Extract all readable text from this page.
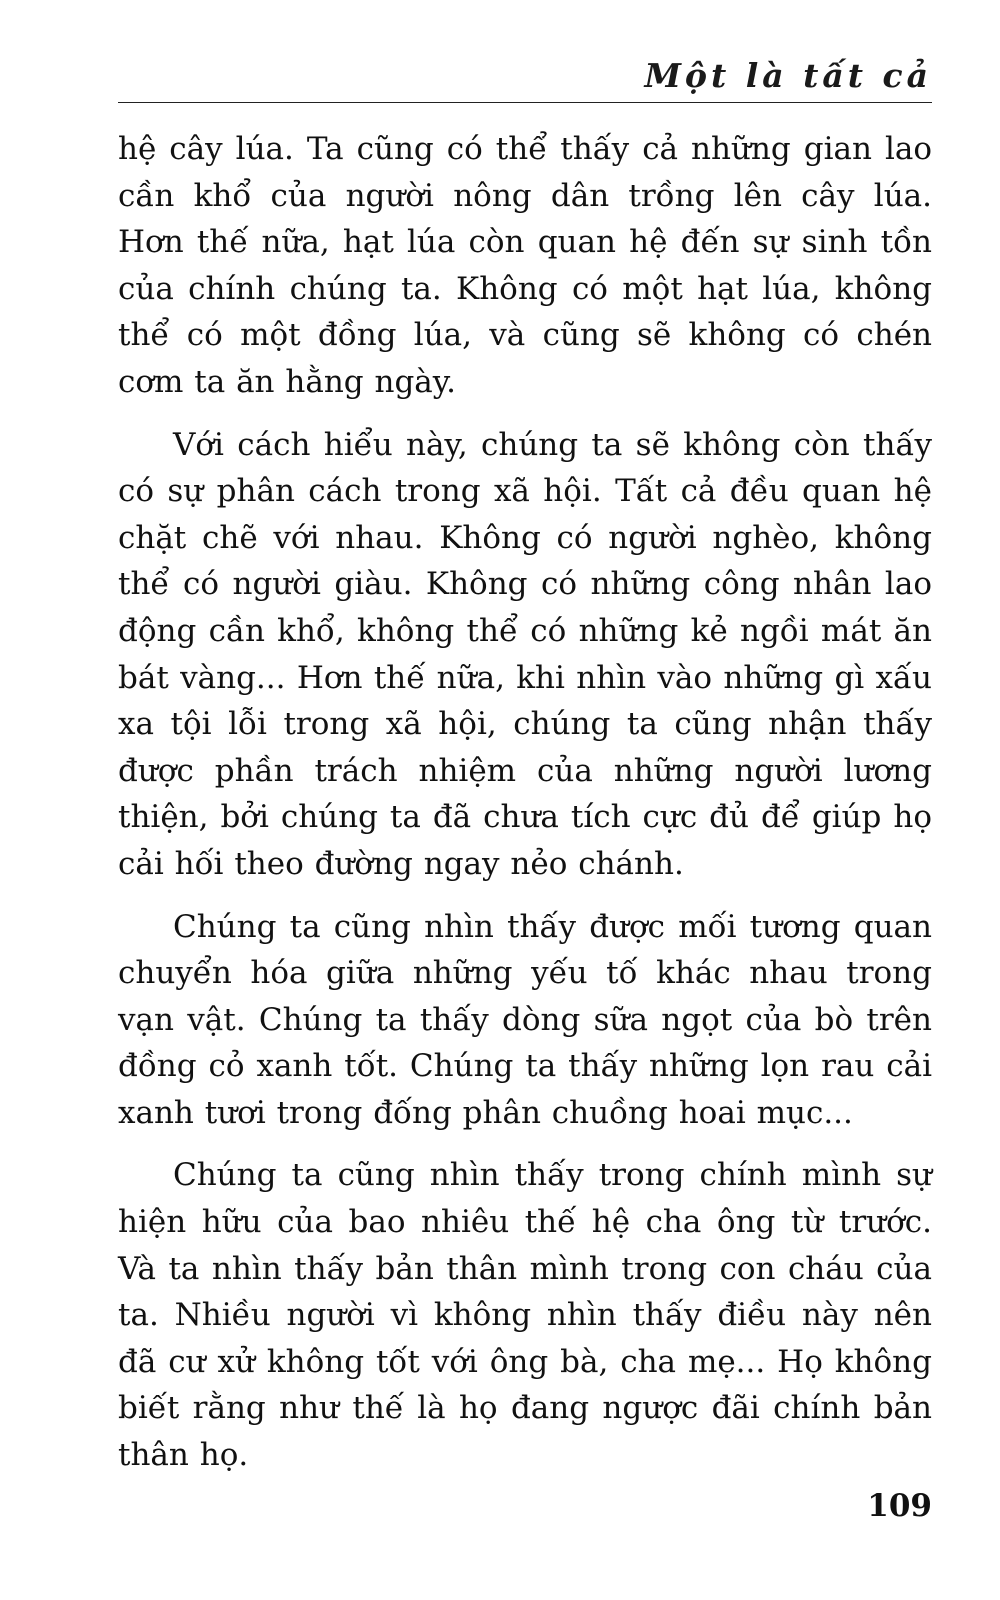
Một là tất cả

hệ cây lúa. Ta cũng có thể thấy cả những gian lao cần khổ của người nông dân trồng lên cây lúa. Hơn thế nữa, hạt lúa còn quan hệ đến sự sinh tồn của chính chúng ta. Không có một hạt lúa, không thể có một đồng lúa, và cũng sẽ không có chén cơm ta ăn hằng ngày.

Với cách hiểu này, chúng ta sẽ không còn thấy có sự phân cách trong xã hội. Tất cả đều quan hệ chặt chẽ với nhau. Không có người nghèo, không thể có người giàu. Không có những công nhân lao động cần khổ, không thể có những kẻ ngồi mát ăn bát vàng... Hơn thế nữa, khi nhìn vào những gì xấu xa tội lỗi trong xã hội, chúng ta cũng nhận thấy được phần trách nhiệm của những người lương thiện, bởi chúng ta đã chưa tích cực đủ để giúp họ cải hối theo đường ngay nẻo chánh.

Chúng ta cũng nhìn thấy được mối tương quan chuyển hóa giữa những yếu tố khác nhau trong vạn vật. Chúng ta thấy dòng sữa ngọt của bò trên đồng cỏ xanh tốt. Chúng ta thấy những lọn rau cải xanh tươi trong đống phân chuồng hoai mục...

Chúng ta cũng nhìn thấy trong chính mình sự hiện hữu của bao nhiêu thế hệ cha ông từ trước. Và ta nhìn thấy bản thân mình trong con cháu của ta. Nhiều người vì không nhìn thấy điều này nên đã cư xử không tốt với ông bà, cha mẹ... Họ không biết rằng như thế là họ đang ngược đãi chính bản thân họ.

109
